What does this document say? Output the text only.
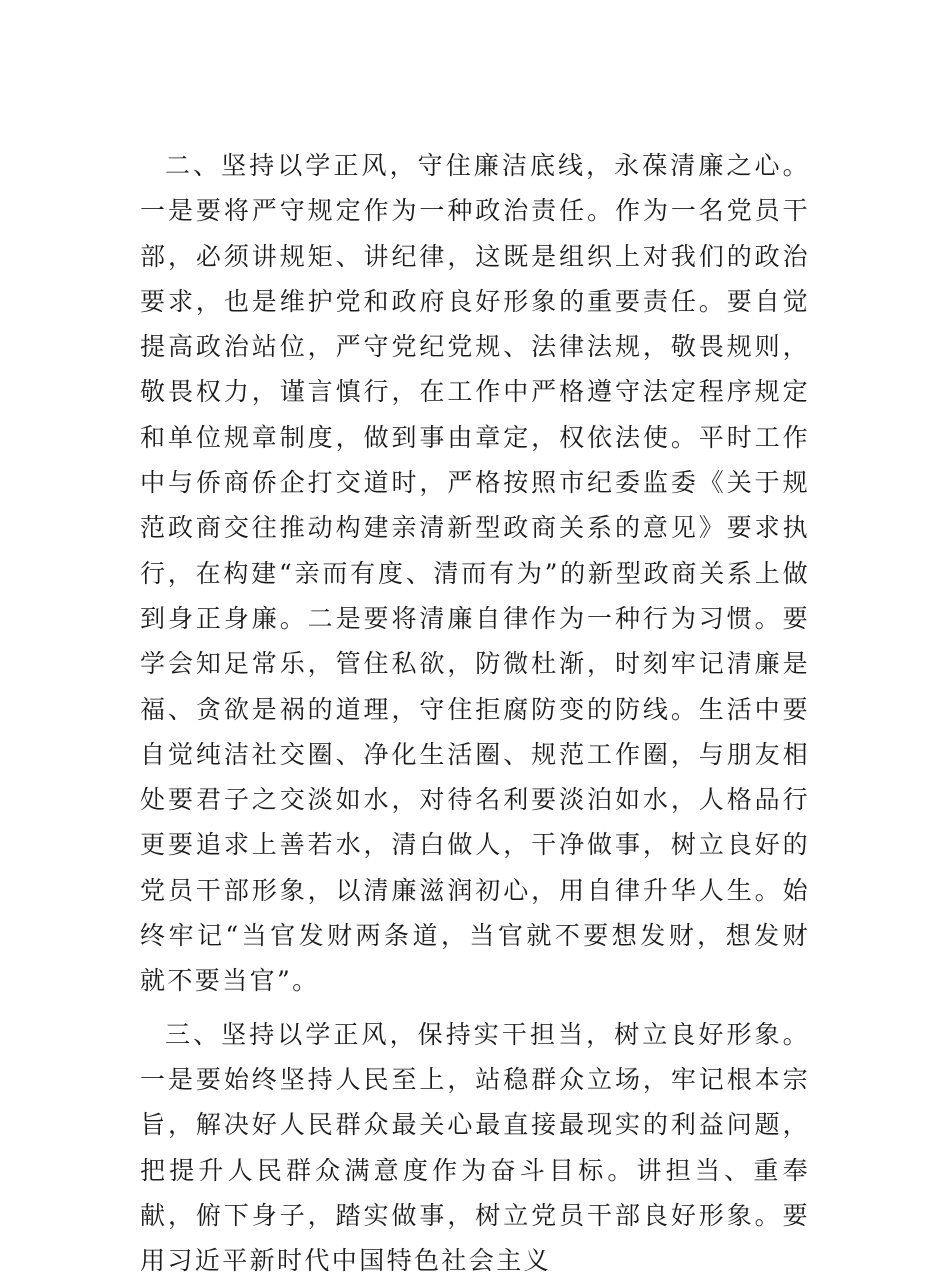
二、坚持以学正风，守住廉洁底线，永葆清廉之心。一是要将严守规定作为一种政治责任。作为一名党员干部，必须讲规矩、讲纪律，这既是组织上对我们的政治要求，也是维护党和政府良好形象的重要责任。要自觉提高政治站位，严守党纪党规、法律法规，敬畏规则，敬畏权力，谨言慎行，在工作中严格遵守法定程序规定和单位规章制度，做到事由章定，权依法使。平时工作中与侨商侨企打交道时，严格按照市纪委监委《关于规范政商交往推动构建亲清新型政商关系的意见》要求执行，在构建“亲而有度、清而有为”的新型政商关系上做到身正身廉。二是要将清廉自律作为一种行为习惯。要学会知足常乐，管住私欲，防微杜渐，时刻牢记清廉是福、贪欲是祸的道理，守住拒腐防变的防线。生活中要自觉纯洁社交圈、净化生活圈、规范工作圈，与朋友相处要君子之交淡如水，对待名利要淡泊如水，人格品行更要追求上善若水，清白做人，干净做事，树立良好的党员干部形象，以清廉滋润初心，用自律升华人生。始终牢记“当官发财两条道，当官就不要想发财，想发财就不要当官”。

三、坚持以学正风，保持实干担当，树立良好形象。一是要始终坚持人民至上，站稳群众立场，牢记根本宗旨，解决好人民群众最关心最直接最现实的利益问题，把提升人民群众满意度作为奋斗目标。讲担当、重奉献，俯下身子，踏实做事，树立党员干部良好形象。要用习近平新时代中国特色社会主义
